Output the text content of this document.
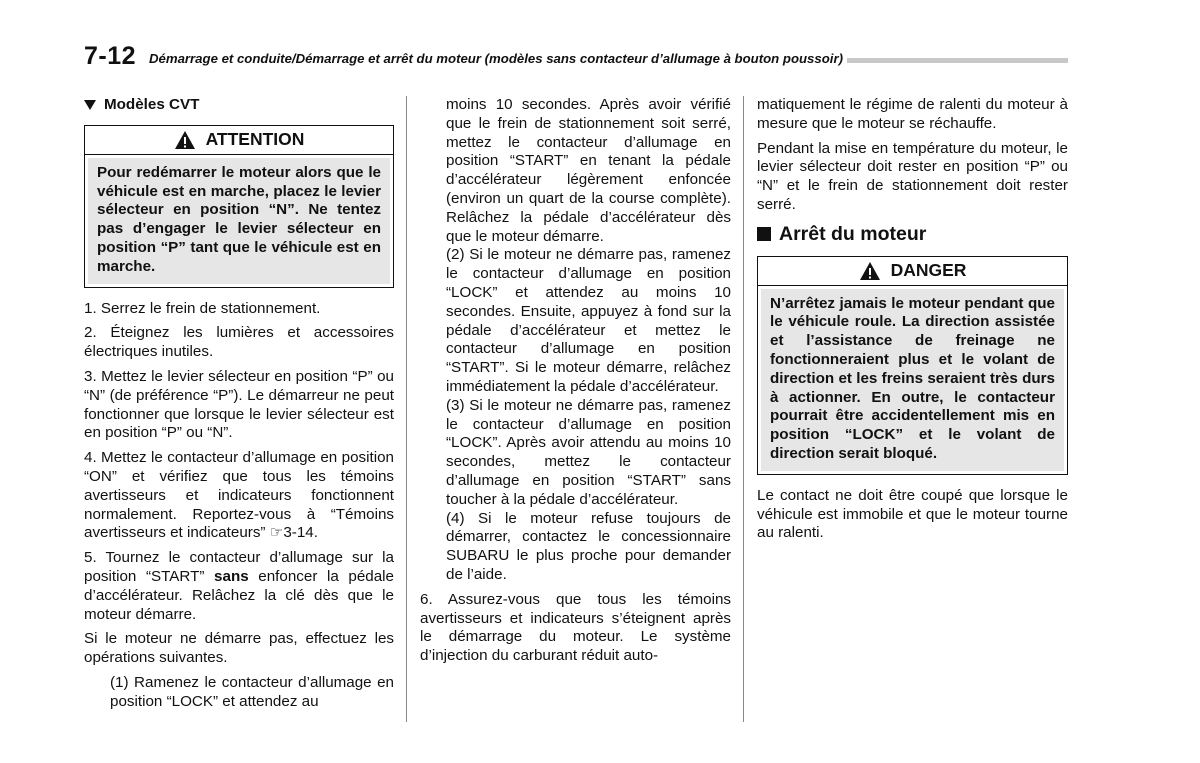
7-12 Démarrage et conduite/Démarrage et arrêt du moteur (modèles sans contacteur d’allumage à bouton poussoir)
Modèles CVT
ATTENTION
Pour redémarrer le moteur alors que le véhicule est en marche, placez le levier sélecteur en position “N”. Ne tentez pas d’engager le levier sélecteur en position “P” tant que le véhicule est en marche.

1. Serrez le frein de stationnement.

2. Éteignez les lumières et accessoires électriques inutiles.

3. Mettez le levier sélecteur en position “P” ou “N” (de préférence “P”). Le démarreur ne peut fonctionner que lorsque le levier sélecteur est en position “P” ou “N”.

4. Mettez le contacteur d’allumage en position “ON” et vérifiez que tous les témoins avertisseurs et indicateurs fonctionnent normalement. Reportez-vous à “Témoins avertisseurs et indicateurs” ☞3-14.

5. Tournez le contacteur d’allumage sur la position “START” sans enfoncer la pédale d’accélérateur. Relâchez la clé dès que le moteur démarre.

Si le moteur ne démarre pas, effectuez les opérations suivantes.

(1) Ramenez le contacteur d’allumage en position “LOCK” et attendez au

moins 10 secondes. Après avoir vérifié que le frein de stationnement soit serré, mettez le contacteur d’allumage en position “START” en tenant la pédale d’accélérateur légèrement enfoncée (environ un quart de la course complète). Relâchez la pédale d’accélérateur dès que le moteur démarre.

(2) Si le moteur ne démarre pas, ramenez le contacteur d’allumage en position “LOCK” et attendez au moins 10 secondes. Ensuite, appuyez à fond sur la pédale d’accélérateur et mettez le contacteur d’allumage en position “START”. Si le moteur démarre, relâchez immédiatement la pédale d’accélérateur.

(3) Si le moteur ne démarre pas, ramenez le contacteur d’allumage en position “LOCK”. Après avoir attendu au moins 10 secondes, mettez le contacteur d’allumage en position “START” sans toucher à la pédale d’accélérateur.

(4) Si le moteur refuse toujours de démarrer, contactez le concessionnaire SUBARU le plus proche pour demander de l’aide.

6. Assurez-vous que tous les témoins avertisseurs et indicateurs s’éteignent après le démarrage du moteur. Le système d’injection du carburant réduit auto-

matiquement le régime de ralenti du moteur à mesure que le moteur se réchauffe.

Pendant la mise en température du moteur, le levier sélecteur doit rester en position “P” ou “N” et le frein de stationnement doit rester serré.

Arrêt du moteur
DANGER
N’arrêtez jamais le moteur pendant que le véhicule roule. La direction assistée et l’assistance de freinage ne fonctionneraient plus et le volant de direction et les freins seraient très durs à actionner. En outre, le contacteur pourrait être accidentellement mis en position “LOCK” et le volant de direction serait bloqué.

Le contact ne doit être coupé que lorsque le véhicule est immobile et que le moteur tourne au ralenti.
